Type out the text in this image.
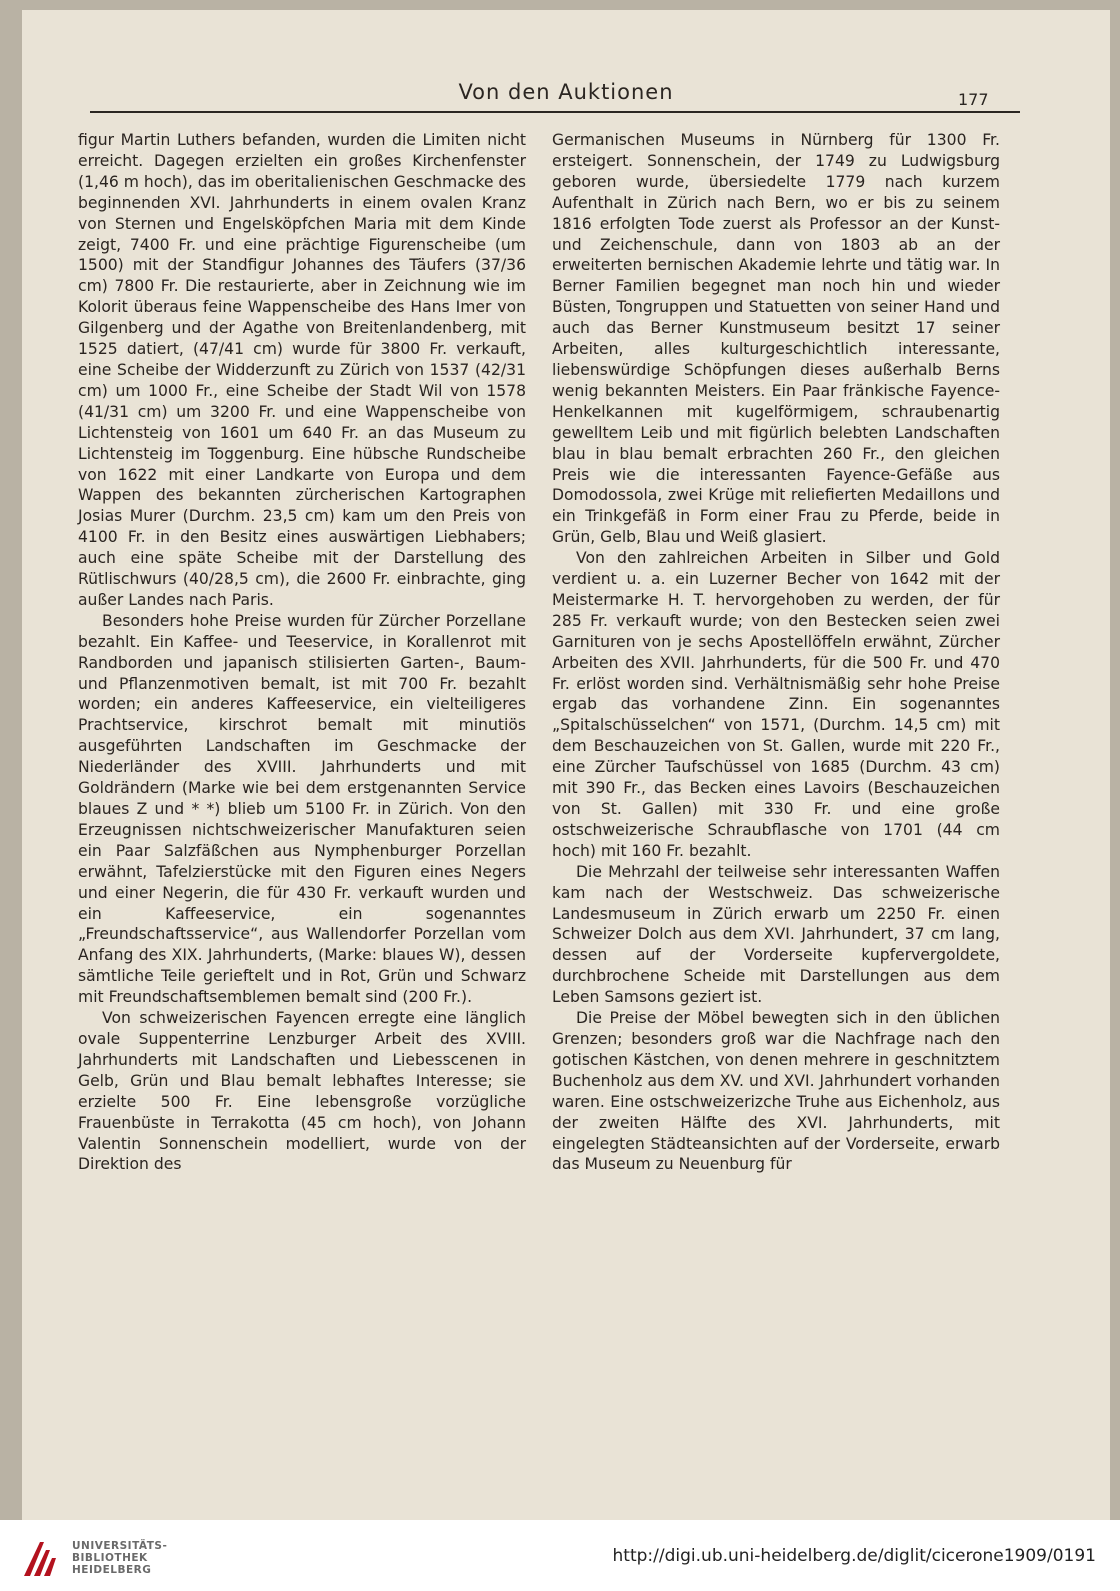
Von den Auktionen	177

figur Martin Luthers befanden, wurden die Limiten nicht erreicht. Dagegen erzielten ein großes Kirchenfenster (1,46 m hoch), das im oberitalienischen Geschmacke des beginnenden XVI. Jahrhunderts in einem ovalen Kranz von Sternen und Engelsköpfchen Maria mit dem Kinde zeigt, 7400 Fr. und eine prächtige Figurenscheibe (um 1500) mit der Standfigur Johannes des Täufers (37/36 cm) 7800 Fr. Die restaurierte, aber in Zeichnung wie im Kolorit überaus feine Wappenscheibe des Hans Imer von Gilgenberg und der Agathe von Breitenlandenberg, mit 1525 datiert, (47/41 cm) wurde für 3800 Fr. verkauft, eine Scheibe der Widderzunft zu Zürich von 1537 (42/31 cm) um 1000 Fr., eine Scheibe der Stadt Wil von 1578 (41/31 cm) um 3200 Fr. und eine Wappenscheibe von Lichtensteig von 1601 um 640 Fr. an das Museum zu Lichtensteig im Toggenburg. Eine hübsche Rundscheibe von 1622 mit einer Landkarte von Europa und dem Wappen des bekannten zürcherischen Kartographen Josias Murer (Durchm. 23,5 cm) kam um den Preis von 4100 Fr. in den Besitz eines auswärtigen Liebhabers; auch eine späte Scheibe mit der Darstellung des Rütlischwurs (40/28,5 cm), die 2600 Fr. einbrachte, ging außer Landes nach Paris.

Besonders hohe Preise wurden für Zürcher Porzellane bezahlt. Ein Kaffee- und Teeservice, in Korallenrot mit Randborden und japanisch stilisierten Garten-, Baum- und Pflanzenmotiven bemalt, ist mit 700 Fr. bezahlt worden; ein anderes Kaffeeservice, ein vielteiligeres Prachtservice, kirschrot bemalt mit minutiös ausgeführten Landschaften im Geschmacke der Niederländer des XVIII. Jahrhunderts und mit Goldrändern (Marke wie bei dem erstgenannten Service blaues Z und * *) blieb um 5100 Fr. in Zürich. Von den Erzeugnissen nichtschweizerischer Manufakturen seien ein Paar Salzfäßchen aus Nymphenburger Porzellan erwähnt, Tafelzierstücke mit den Figuren eines Negers und einer Negerin, die für 430 Fr. verkauft wurden und ein Kaffeeservice, ein sogenanntes „Freundschaftsservice“, aus Wallendorfer Porzellan vom Anfang des XIX. Jahrhunderts, (Marke: blaues W), dessen sämtliche Teile gerieftelt und in Rot, Grün und Schwarz mit Freundschaftsemblemen bemalt sind (200 Fr.).

Von schweizerischen Fayencen erregte eine länglich ovale Suppenterrine Lenzburger Arbeit des XVIII. Jahrhunderts mit Landschaften und Liebesscenen in Gelb, Grün und Blau bemalt lebhaftes Interesse; sie erzielte 500 Fr. Eine lebensgroße vorzügliche Frauenbüste in Terrakotta (45 cm hoch), von Johann Valentin Sonnenschein modelliert, wurde von der Direktion des

Germanischen Museums in Nürnberg für 1300 Fr. ersteigert. Sonnenschein, der 1749 zu Ludwigsburg geboren wurde, übersiedelte 1779 nach kurzem Aufenthalt in Zürich nach Bern, wo er bis zu seinem 1816 erfolgten Tode zuerst als Professor an der Kunst- und Zeichenschule, dann von 1803 ab an der erweiterten bernischen Akademie lehrte und tätig war. In Berner Familien begegnet man noch hin und wieder Büsten, Tongruppen und Statuetten von seiner Hand und auch das Berner Kunstmuseum besitzt 17 seiner Arbeiten, alles kulturgeschichtlich interessante, liebenswürdige Schöpfungen dieses außerhalb Berns wenig bekannten Meisters. Ein Paar fränkische Fayence-Henkelkannen mit kugelförmigem, schraubenartig gewelltem Leib und mit figürlich belebten Landschaften blau in blau bemalt erbrachten 260 Fr., den gleichen Preis wie die interessanten Fayence-Gefäße aus Domodossola, zwei Krüge mit reliefierten Medaillons und ein Trinkgefäß in Form einer Frau zu Pferde, beide in Grün, Gelb, Blau und Weiß glasiert.

Von den zahlreichen Arbeiten in Silber und Gold verdient u. a. ein Luzerner Becher von 1642 mit der Meistermarke H. T. hervorgehoben zu werden, der für 285 Fr. verkauft wurde; von den Bestecken seien zwei Garnituren von je sechs Apostellöffeln erwähnt, Zürcher Arbeiten des XVII. Jahrhunderts, für die 500 Fr. und 470 Fr. erlöst worden sind. Verhältnismäßig sehr hohe Preise ergab das vorhandene Zinn. Ein sogenanntes „Spitalschüsselchen“ von 1571, (Durchm. 14,5 cm) mit dem Beschauzeichen von St. Gallen, wurde mit 220 Fr., eine Zürcher Taufschüssel von 1685 (Durchm. 43 cm) mit 390 Fr., das Becken eines Lavoirs (Beschauzeichen von St. Gallen) mit 330 Fr. und eine große ostschweizerische Schraubflasche von 1701 (44 cm hoch) mit 160 Fr. bezahlt.

Die Mehrzahl der teilweise sehr interessanten Waffen kam nach der Westschweiz. Das schweizerische Landesmuseum in Zürich erwarb um 2250 Fr. einen Schweizer Dolch aus dem XVI. Jahrhundert, 37 cm lang, dessen auf der Vorderseite kupfervergoldete, durchbrochene Scheide mit Darstellungen aus dem Leben Samsons geziert ist.

Die Preise der Möbel bewegten sich in den üblichen Grenzen; besonders groß war die Nachfrage nach den gotischen Kästchen, von denen mehrere in geschnitztem Buchenholz aus dem XV. und XVI. Jahrhundert vorhanden waren. Eine ostschweizerizche Truhe aus Eichenholz, aus der zweiten Hälfte des XVI. Jahrhunderts, mit eingelegten Städteansichten auf der Vorderseite, erwarb das Museum zu Neuenburg für

UNIVERSITÄTS-
BIBLIOTHEK
HEIDELBERG
http://digi.ub.uni-heidelberg.de/diglit/cicerone1909/0191
